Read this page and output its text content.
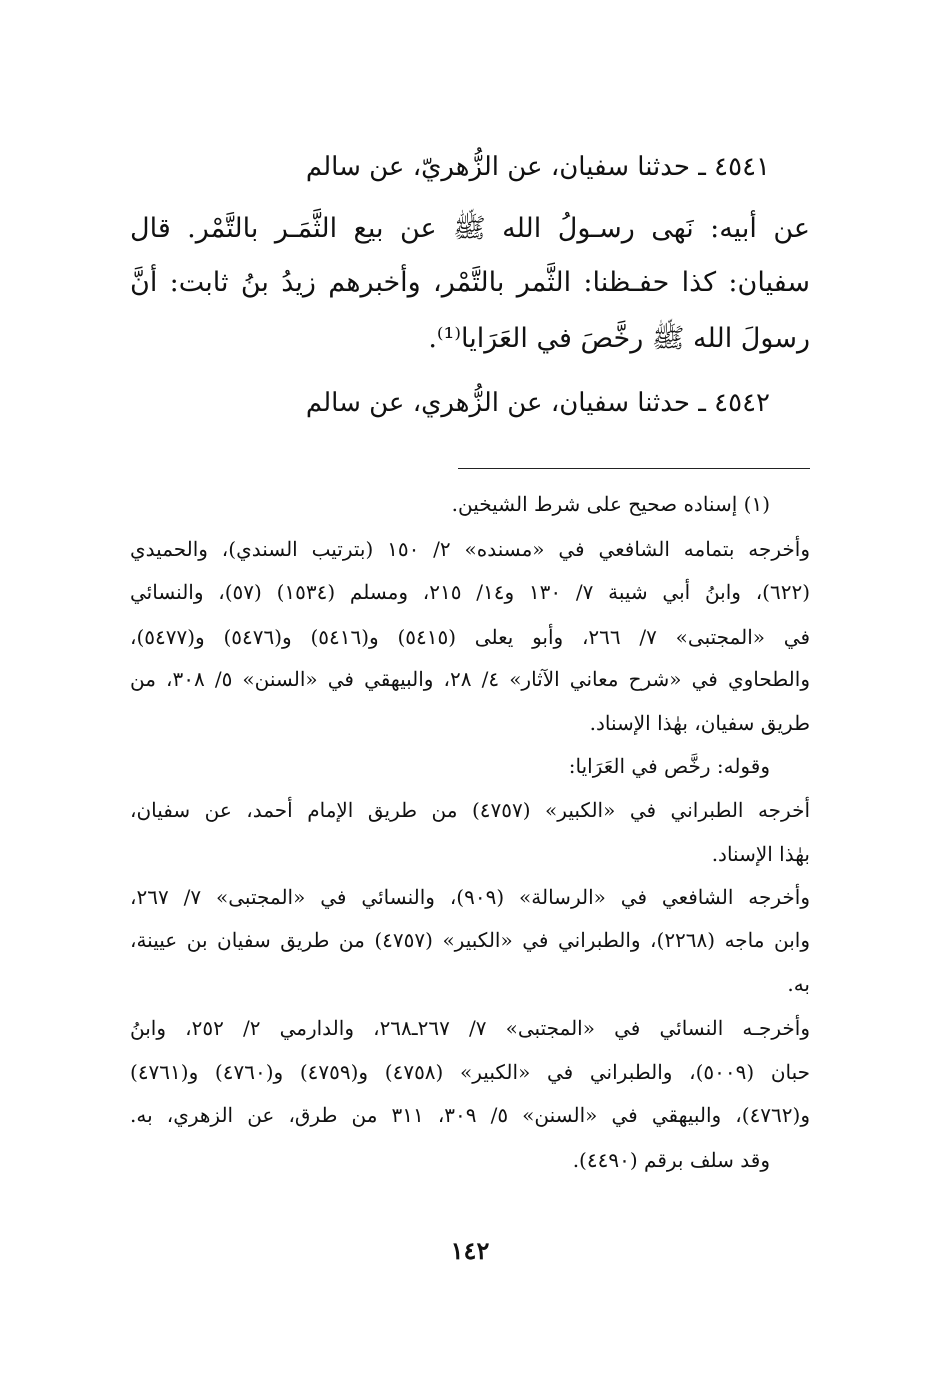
٤٥٤١ ـ حدثنا سفيان، عن الزُّهريّ، عن سالم
عن أبيه: نَهى رسـولُ الله ﷺ عن بيع الثَّمَـر بالتَّمْر. قال
سفيان: كذا حفـظنا: الثَّمر بالتَّمْر، وأخبرهم زيدُ بنُ ثابت: أنَّ
رسولَ الله ﷺ رخَّصَ في العَرَايا⁽¹⁾.
٤٥٤٢ ـ حدثنا سفيان، عن الزُّهري، عن سالم
(١) إسناده صحيح على شرط الشيخين.
وأخرجه بتمامه الشافعي في «مسنده» ٢/ ١٥٠ (بترتيب السندي)، والحميدي
(٦٢٢)، وابنُ أبي شيبة ٧/ ١٣٠ و١٤/ ٢١٥، ومسلم (١٥٣٤) (٥٧)، والنسائي
في «المجتبى» ٧/ ٢٦٦، وأبو يعلى (٥٤١٥) و(٥٤١٦) و(٥٤٧٦) و(٥٤٧٧)،
والطحاوي في «شرح معاني الآثار» ٤/ ٢٨، والبيهقي في «السنن» ٥/ ٣٠٨، من
طريق سفيان، بهٰذا الإسناد.
وقوله: رخَّص في العَرَايا:
أخرجه الطبراني في «الكبير» (٤٧٥٧) من طريق الإمام أحمد، عن سفيان،
بهٰذا الإسناد.
وأخرجه الشافعي في «الرسالة» (٩٠٩)، والنسائي في «المجتبى» ٧/ ٢٦٧،
وابن ماجه (٢٢٦٨)، والطبراني في «الكبير» (٤٧٥٧) من طريق سفيان بن عيينة،
به.
وأخرجـه النسائي في «المجتبى» ٧/ ٢٦٧ـ٢٦٨، والدارمي ٢/ ٢٥٢، وابنُ
حبان (٥٠٠٩)، والطبراني في «الكبير» (٤٧٥٨) و(٤٧٥٩) و(٤٧٦٠) و(٤٧٦١)
و(٤٧٦٢)، والبيهقي في «السنن» ٥/ ٣٠٩، ٣١١ من طرق، عن الزهري، به.
وقد سلف برقم (٤٤٩٠).
١٤٢
